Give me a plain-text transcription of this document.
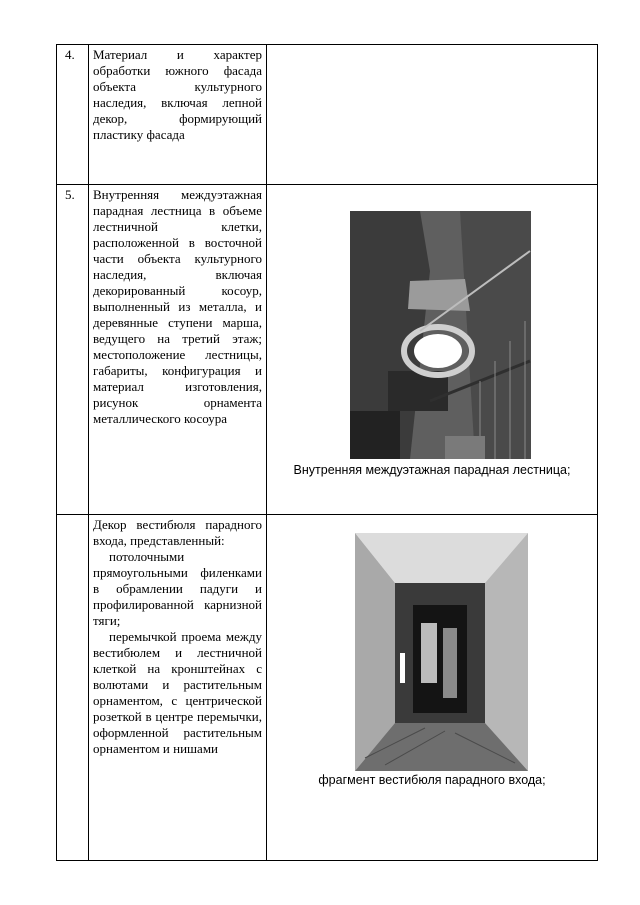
4. Материал и характер обработки южного фасада объекта культурного наследия, включая лепной декор, формирующий пластику фасада
5. Внутренняя междуэтажная парадная лестница в объеме лестничной клетки, расположенной в восточной части объекта культурного наследия, включая декорированный косоур, выполненный из металла, и деревянные ступени марша, ведущего на третий этаж; местоположение лестницы, габариты, конфигурация и материал изготовления, рисунок орнамента металлического косоура
Внутренняя междуэтажная парадная лестница;

Декор вестибюля парадного входа, представленный:

потолочными прямоугольными филенками в обрамлении падуги и профилированной карнизной тяги;

перемычкой проема между вестибюлем и лестничной клеткой на кронштейнах с волютами и растительным орнаментом, с центрической розеткой в центре перемычки, оформленной растительным орнаментом и нишами

фрагмент вестибюля парадного входа;
